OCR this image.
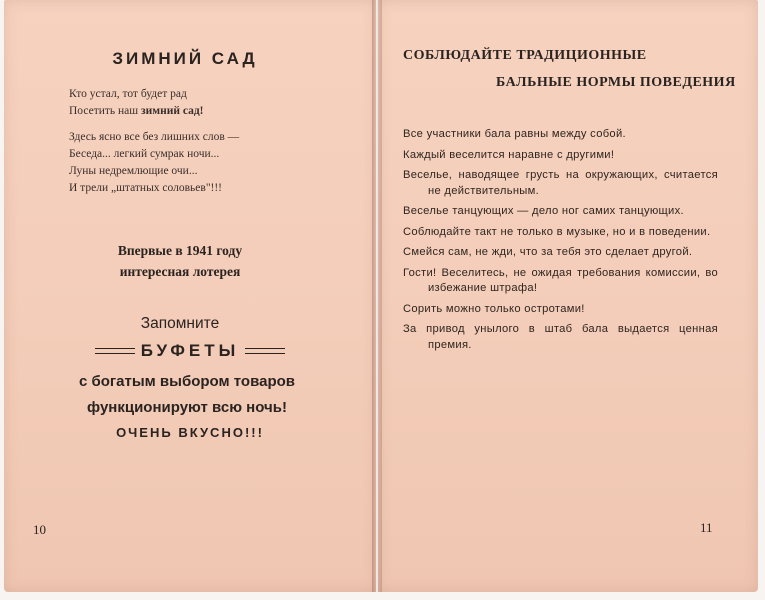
ЗИМНИЙ САД
Кто устал, тот будет рад
Посетить наш зимний сад!
Здесь ясно все без лишних слов —
Беседа... легкий сумрак ночи...
Луны недремлющие очи...
И трели „штатных соловьев"!!!
Впервые в 1941 году
интересная лотерея
Запомните
БУФЕТЫ
с богатым выбором товаров
функционируют всю ночь!
ОЧЕНЬ ВКУСНО!!!
10
СОБЛЮДАЙТЕ ТРАДИЦИОННЫЕ
БАЛЬНЫЕ НОРМЫ ПОВЕДЕНИЯ
Все участники бала равны между собой.
Каждый веселится наравне с другими!
Веселье, наводящее грусть на окружающих, считается не действительным.
Веселье танцующих — дело ног самих танцующих.
Соблюдайте такт не только в музыке, но и в поведении.
Смейся сам, не жди, что за тебя это сделает другой.
Гости! Веселитесь, не ожидая требования комиссии, во избежание штрафа!
Сорить можно только остротами!
За привод унылого в штаб бала выдается ценная премия.
11
